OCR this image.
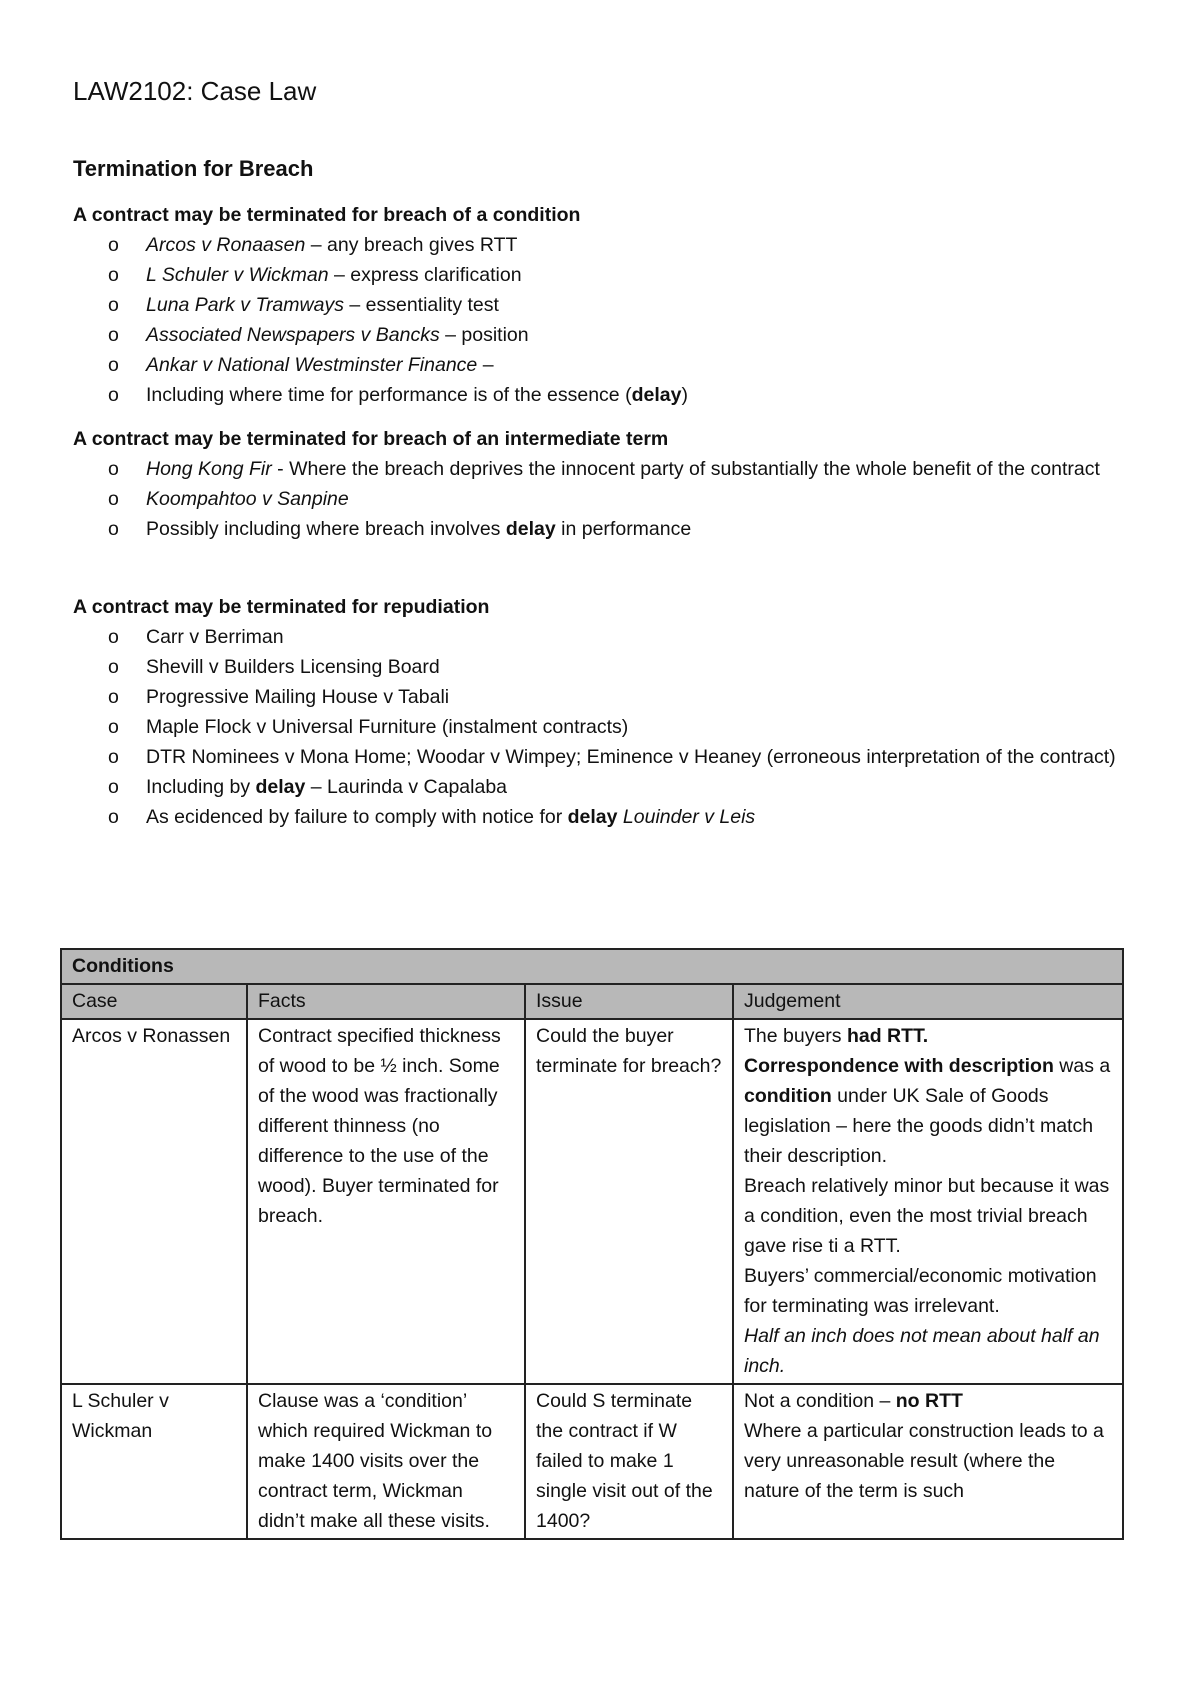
LAW2102: Case Law
Termination for Breach

A contract may be terminated for breach of a condition

o Arcos v Ronaasen – any breach gives RTT
o L Schuler v Wickman – express clarification
o Luna Park v Tramways – essentiality test
o Associated Newspapers v Bancks – position
o Ankar v National Westminster Finance –
o Including where time for performance is of the essence (delay)

A contract may be terminated for breach of an intermediate term

o Hong Kong Fir - Where the breach deprives the innocent party of substantially the whole benefit of the contract
o Koompahtoo v Sanpine
o Possibly including where breach involves delay in performance

A contract may be terminated for repudiation

o Carr v Berriman
o Shevill v Builders Licensing Board
o Progressive Mailing House v Tabali
o Maple Flock v Universal Furniture (instalment contracts)
o DTR Nominees v Mona Home; Woodar v Wimpey; Eminence v Heaney (erroneous interpretation of the contract)
o Including by delay – Laurinda v Capalaba
o As ecidenced by failure to comply with notice for delay Louinder v Leis
Conditions			
Case	Facts	Issue	Judgement
Arcos v Ronassen	Contract specified thickness of wood to be ½ inch. Some of the wood was fractionally different thinness (no difference to the use of the wood). Buyer terminated for breach.	Could the buyer terminate for breach?	The buyers had RTT.
Correspondence with description was a condition under UK Sale of Goods legislation – here the goods didn’t match their description.
Breach relatively minor but because it was a condition, even the most trivial breach gave rise ti a RTT.
Buyers’ commercial/economic motivation for terminating was irrelevant.
Half an inch does not mean about half an inch.
L Schuler v Wickman	Clause was a ‘condition’ which required Wickman to make 1400 visits over the contract term, Wickman didn’t make all these visits.	Could S terminate the contract if W failed to make 1 single visit out of the 1400?	Not a condition – no RTT
Where a particular construction leads to a very unreasonable result (where the nature of the term is such
